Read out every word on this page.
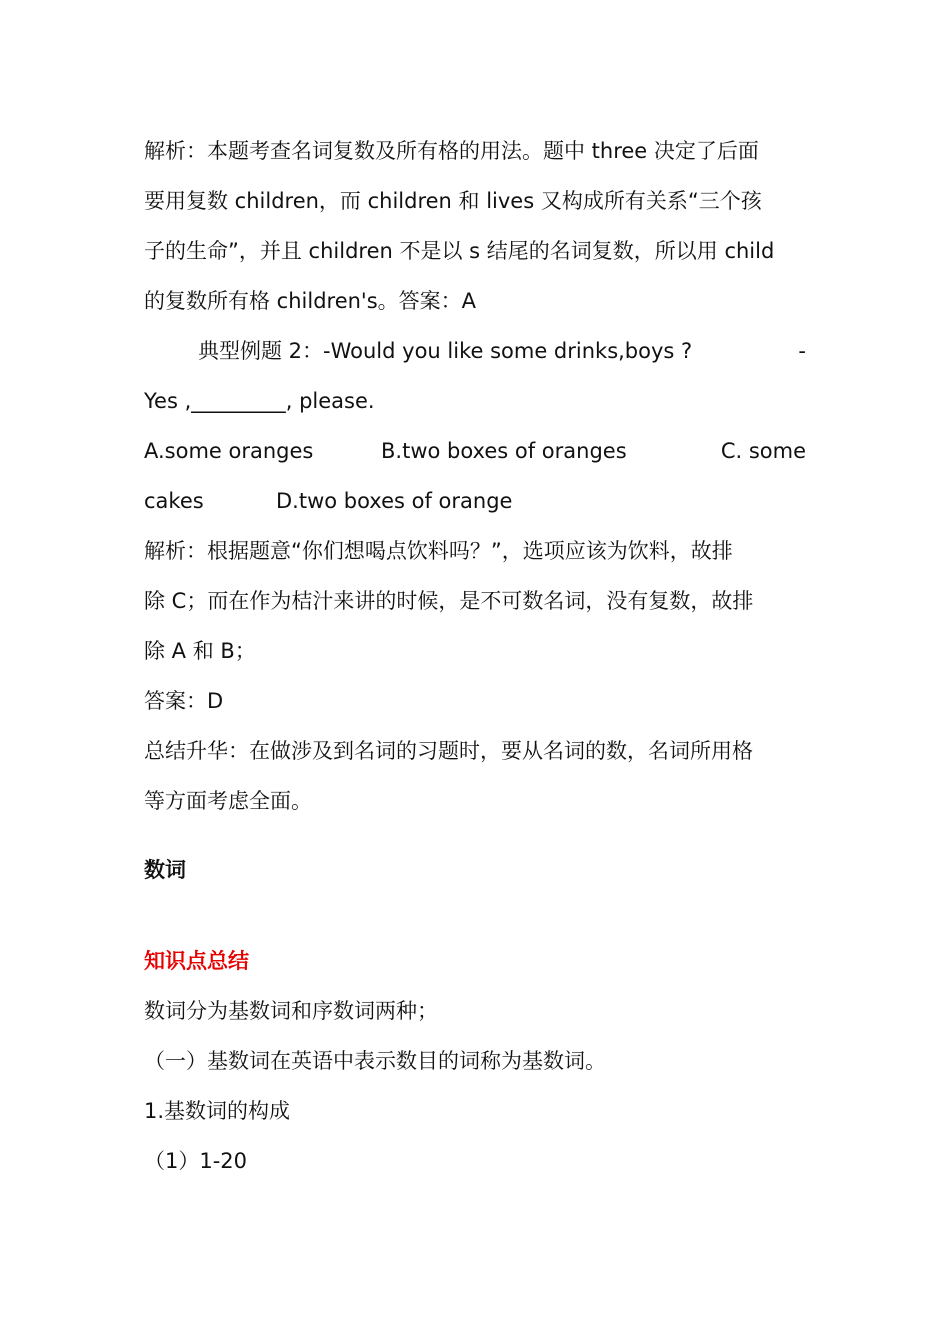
解析：本题考查名词复数及所有格的用法。题中 three 决定了后面
要用复数 children，而 children 和 lives 又构成所有关系“三个孩
子的生命”，并且 children 不是以 s 结尾的名词复数，所以用 child
的复数所有格 children's。答案：A
典型例题 2：-Would you like some drinks,boys ?	-
Yes ,_________, please.
A.some oranges	B.two boxes of oranges	C. some
cakes	D.two boxes of orange
解析：根据题意“你们想喝点饮料吗？”，选项应该为饮料，故排
除 C；而在作为桔汁来讲的时候，是不可数名词，没有复数，故排
除 A 和 B；
答案：D
总结升华：在做涉及到名词的习题时，要从名词的数，名词所用格
等方面考虑全面。
数词
知识点总结
数词分为基数词和序数词两种；
（一）基数词在英语中表示数目的词称为基数词。
1.基数词的构成
（1）1-20
